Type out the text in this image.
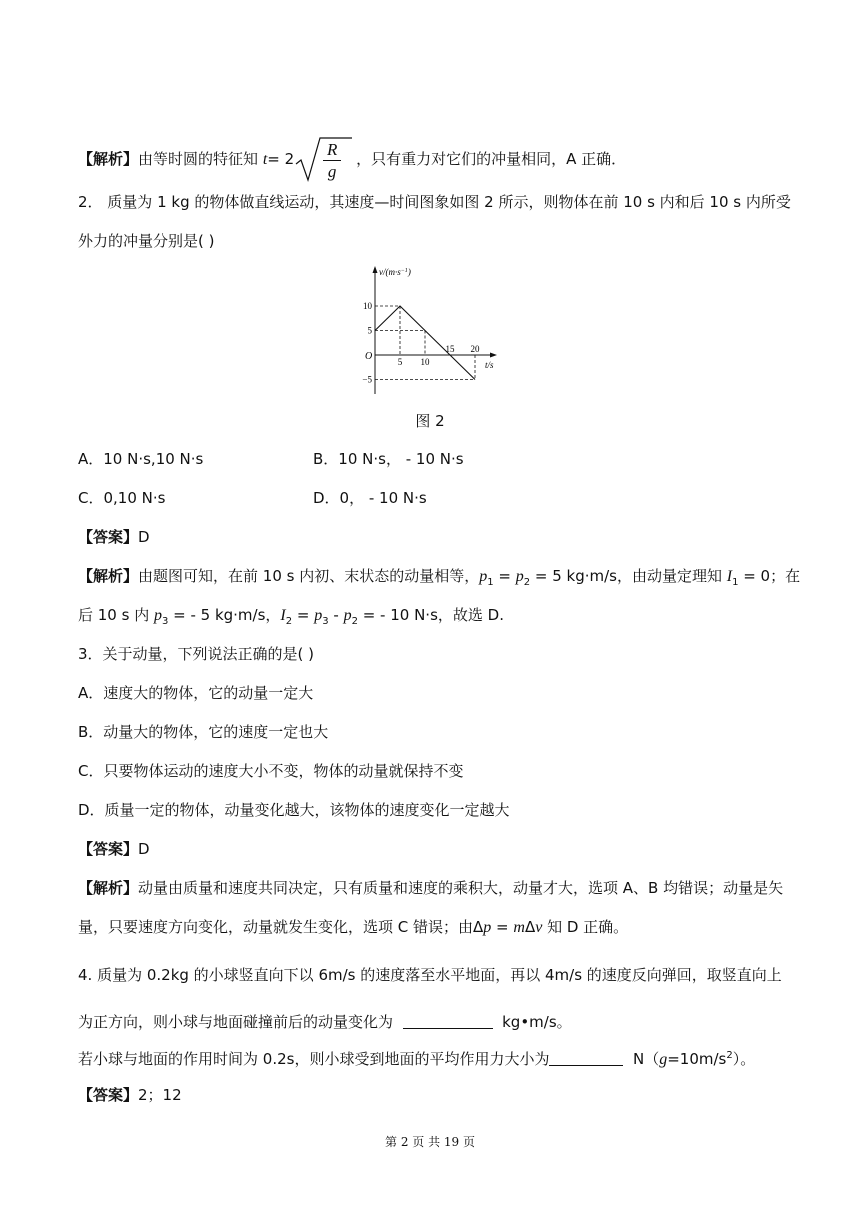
【解析】由等时圆的特征知 t= 2 R
g
，只有重力对它们的冲量相同，A 正确．
2． 质量为 1 kg 的物体做直线运动，其速度—时间图象如图 2 所示，则物体在前 10 s 内和后 10 s 内所受
外力的冲量分别是( )
10
5
−5
5 10
15 20
$v/(m\cdot s^{-1})$
t/s
O
图 2
A．10 N·s,10 N·s	B．10 N·s， - 10 N·s
C．0,10 N·s	D．0， - 10 N·s
【答案】D
【解析】由题图可知，在前 10 s 内初、末状态的动量相等，$p_1 = p_2 = 5$ kg·m/s，由动量定理知 $I_1 = 0$；在
后 10 s 内 $p_3$ = - 5 kg·m/s，$I_2 = p_3 - p_2$ = - 10 N·s，故选 D.
3．关于动量，下列说法正确的是( )
A．速度大的物体，它的动量一定大
B．动量大的物体，它的速度一定也大
C．只要物体运动的速度大小不变，物体的动量就保持不变
D．质量一定的物体，动量变化越大，该物体的速度变化一定越大
【答案】D
【解析】动量由质量和速度共同决定，只有质量和速度的乘积大，动量才大，选项 A、B 均错误；动量是矢
量，只要速度方向变化，动量就发生变化，选项 C 错误；由Δp = mΔv 知 D 正确。
4. 质量为 0.2kg 的小球竖直向下以 6m/s 的速度落至水平地面，再以 4m/s 的速度反向弹回，取竖直向上
为正方向，则小球与地面碰撞前后的动量变化为	kg•m/s。
若小球与地面的作用时间为 0.2s，则小球受到地面的平均作用力大小为	$N(g=10m/s^2)$。
【答案】2；12
第 2 页 共 19 页
